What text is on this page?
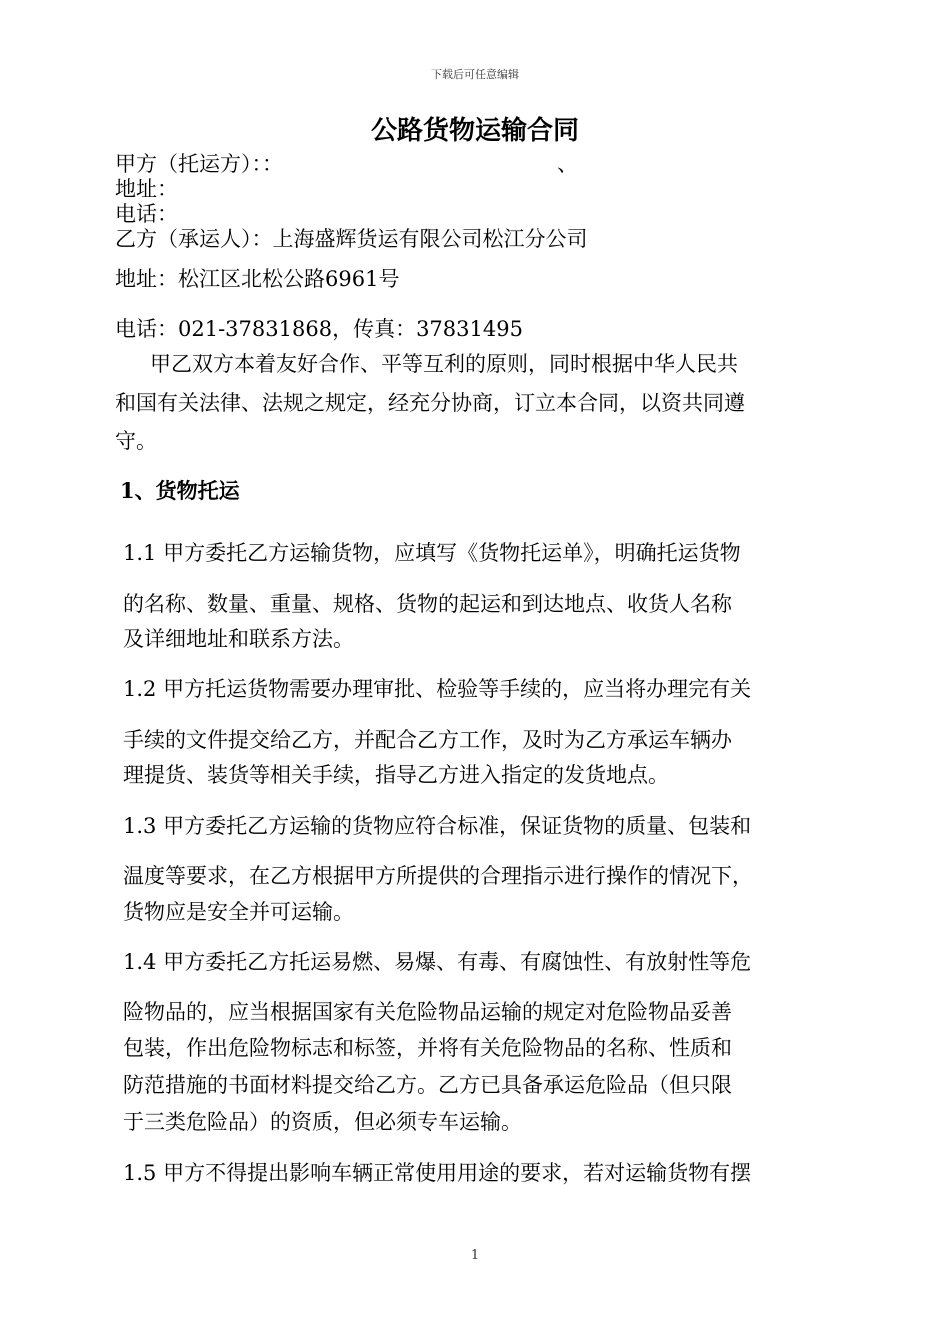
下载后可任意编辑
公路货物运输合同
甲方（托运方）：：	、
地址：
电话：
乙方（承运人）：上海盛辉货运有限公司松江分公司
地址：松江区北松公路6961号
电话：021-37831868，传真：37831495
甲乙双方本着友好合作、平等互利的原则，同时根据中华人民共
和国有关法律、法规之规定，经充分协商，订立本合同，以资共同遵
守。
1、货物托运
1.1 甲方委托乙方运输货物，应填写《货物托运单》，明确托运货物
的名称、数量、重量、规格、货物的起运和到达地点、收货人名称
及详细地址和联系方法。
1.2 甲方托运货物需要办理审批、检验等手续的，应当将办理完有关
手续的文件提交给乙方，并配合乙方工作，及时为乙方承运车辆办
理提货、装货等相关手续，指导乙方进入指定的发货地点。
1.3 甲方委托乙方运输的货物应符合标准，保证货物的质量、包装和
温度等要求，在乙方根据甲方所提供的合理指示进行操作的情况下，
货物应是安全并可运输。
1.4 甲方委托乙方托运易燃、易爆、有毒、有腐蚀性、有放射性等危
险物品的，应当根据国家有关危险物品运输的规定对危险物品妥善
包装，作出危险物标志和标签，并将有关危险物品的名称、性质和
防范措施的书面材料提交给乙方。乙方已具备承运危险品（但只限
于三类危险品）的资质，但必须专车运输。
1.5 甲方不得提出影响车辆正常使用用途的要求，若对运输货物有摆
1
